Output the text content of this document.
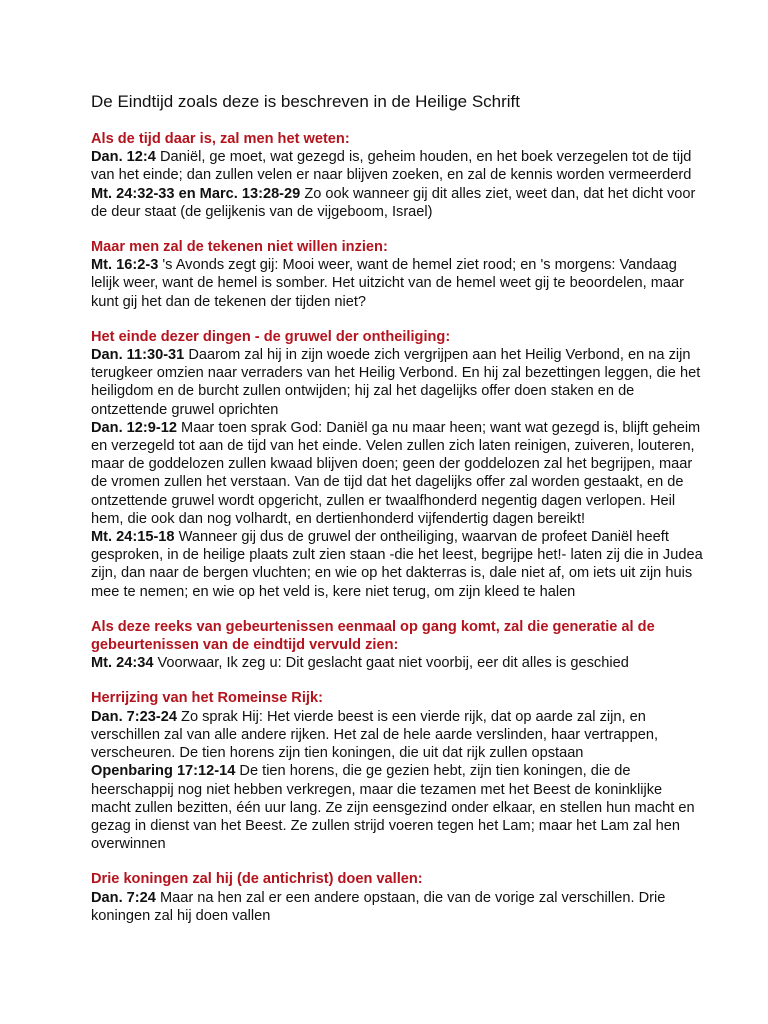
De Eindtijd zoals deze is beschreven in de Heilige Schrift

Als de tijd daar is, zal men het weten:

Dan. 12:4 Daniël, ge moet, wat gezegd is, geheim houden, en het boek verzegelen tot de tijd van het einde; dan zullen velen er naar blijven zoeken, en zal de kennis worden vermeerderd

Mt. 24:32-33 en Marc. 13:28-29 Zo ook wanneer gij dit alles ziet, weet dan, dat het dicht voor de deur staat (de gelijkenis van de vijgeboom, Israel)

Maar men zal de tekenen niet willen inzien:

Mt. 16:2-3 's Avonds zegt gij: Mooi weer, want de hemel ziet rood; en 's morgens: Vandaag lelijk weer, want de hemel is somber. Het uitzicht van de hemel weet gij te beoordelen, maar kunt gij het dan de tekenen der tijden niet?

Het einde dezer dingen - de gruwel der ontheiliging:

Dan. 11:30-31 Daarom zal hij in zijn woede zich vergrijpen aan het Heilig Verbond, en na zijn terugkeer omzien naar verraders van het Heilig Verbond. En hij zal bezettingen leggen, die het heiligdom en de burcht zullen ontwijden; hij zal het dagelijks offer doen staken en de ontzettende gruwel oprichten

Dan. 12:9-12 Maar toen sprak God: Daniël ga nu maar heen; want wat gezegd is, blijft geheim en verzegeld tot aan de tijd van het einde. Velen zullen zich laten reinigen, zuiveren, louteren, maar de goddelozen zullen kwaad blijven doen; geen der goddelozen zal het begrijpen, maar de vromen zullen het verstaan. Van de tijd dat het dagelijks offer zal worden gestaakt, en de ontzettende gruwel wordt opgericht, zullen er twaalfhonderd negentig dagen verlopen. Heil hem, die ook dan nog volhardt, en dertienhonderd vijfendertig dagen bereikt!

Mt. 24:15-18 Wanneer gij dus de gruwel der ontheiliging, waarvan de profeet Daniël heeft gesproken, in de heilige plaats zult zien staan -die het leest, begrijpe het!- laten zij die in Judea zijn, dan naar de bergen vluchten; en wie op het dakterras is, dale niet af, om iets uit zijn huis mee te nemen; en wie op het veld is, kere niet terug, om zijn kleed te halen

Als deze reeks van gebeurtenissen eenmaal op gang komt, zal die generatie al de gebeurtenissen van de eindtijd vervuld zien:

Mt. 24:34 Voorwaar, Ik zeg u: Dit geslacht gaat niet voorbij, eer dit alles is geschied

Herrijzing van het Romeinse Rijk:

Dan. 7:23-24 Zo sprak Hij: Het vierde beest is een vierde rijk, dat op aarde zal zijn, en verschillen zal van alle andere rijken. Het zal de hele aarde verslinden, haar vertrappen, verscheuren. De tien horens zijn tien koningen, die uit dat rijk zullen opstaan

Openbaring 17:12-14 De tien horens, die ge gezien hebt, zijn tien koningen, die de heerschappij nog niet hebben verkregen, maar die tezamen met het Beest de koninklijke macht zullen bezitten, één uur lang. Ze zijn eensgezind onder elkaar, en stellen hun macht en gezag in dienst van het Beest. Ze zullen strijd voeren tegen het Lam; maar het Lam zal hen overwinnen

Drie koningen zal hij (de antichrist) doen vallen:

Dan. 7:24 Maar na hen zal er een andere opstaan, die van de vorige zal verschillen. Drie koningen zal hij doen vallen
